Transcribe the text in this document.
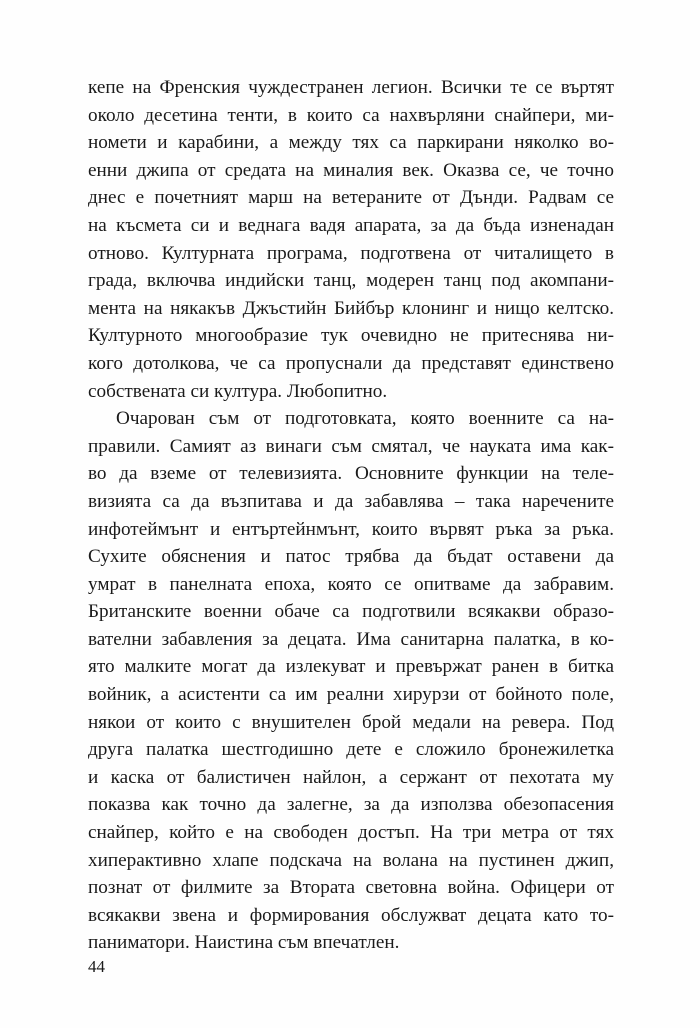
кепе на Френския чуждестранен легион. Всички те се въртят
около десетина тенти, в които са нахвърляни снайпери, ми-
номети и карабини, а между тях са паркирани няколко во-
енни джипа от средата на миналия век. Оказва се, че точно
днес е почетният марш на ветераните от Дънди. Радвам се
на късмета си и веднага вадя апарата, за да бъда изненадан
отново. Културната програма, подготвена от читалището в
града, включва индийски танц, модерен танц под акомпани-
мента на някакъв Джъстийн Бийбър клонинг и нищо келтско.
Културното многообразие тук очевидно не притеснява ни-
кого дотолкова, че са пропуснали да представят единствено
собствената си култура. Любопитно.
Очарован съм от подготовката, която военните са на-
правили. Самият аз винаги съм смятал, че науката има как-
во да вземе от телевизията. Основните функции на теле-
визията са да възпитава и да забавлява – така наречените
инфотеймънт и ентъртейнмънт, които вървят ръка за ръка.
Сухите обяснения и патос трябва да бъдат оставени да
умрат в панелната епоха, която се опитваме да забравим.
Британските военни обаче са подготвили всякакви образо-
вателни забавления за децата. Има санитарна палатка, в ко-
ято малките могат да излекуват и превържат ранен в битка
войник, а асистенти са им реални хирурзи от бойното поле,
някои от които с внушителен брой медали на ревера. Под
друга палатка шестгодишно дете е сложило бронежилетка
и каска от балистичен найлон, а сержант от пехотата му
показва как точно да залегне, за да използва обезопасения
снайпер, който е на свободен достъп. На три метра от тях
хиперактивно хлапе подскача на волана на пустинен джип,
познат от филмите за Втората световна война. Офицери от
всякакви звена и формирования обслужват децата като то-
паниматори. Наистина съм впечатлен.
44
